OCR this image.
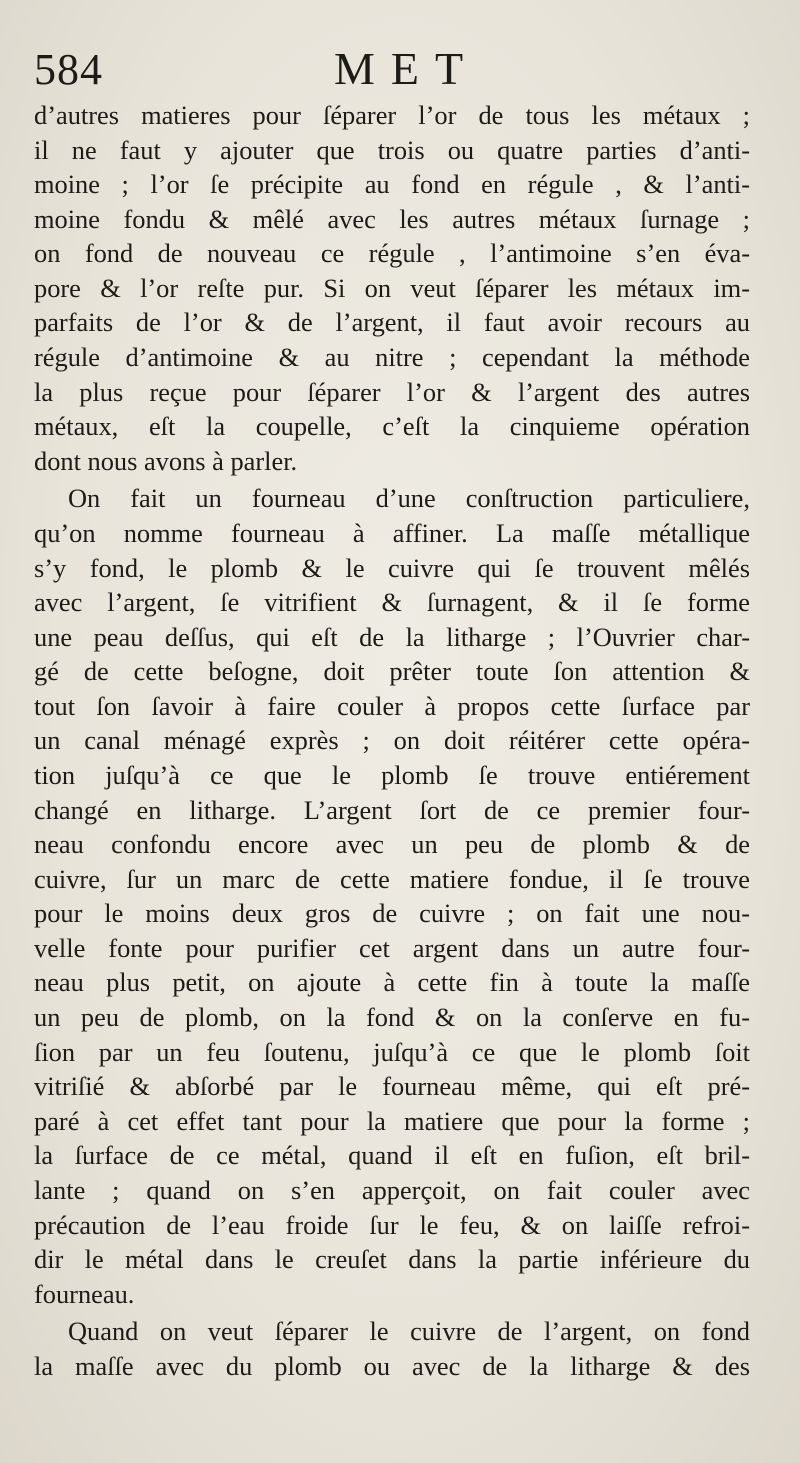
584	MET
d’autres matieres pour ſéparer l’or de tous les métaux ;
il ne faut y ajouter que trois ou quatre parties d’anti-
moine ; l’or ſe précipite au fond en régule , & l’anti-
moine fondu & mêlé avec les autres métaux ſurnage ;
on fond de nouveau ce régule , l’antimoine s’en éva-
pore & l’or reſte pur. Si on veut ſéparer les métaux im-
parfaits de l’or & de l’argent, il faut avoir recours au
régule d’antimoine & au nitre ; cependant la méthode
la plus reçue pour ſéparer l’or & l’argent des autres
métaux, eſt la coupelle, c’eſt la cinquieme opération
dont nous avons à parler.
On fait un fourneau d’une conſtruction particuliere,
qu’on nomme fourneau à affiner. La maſſe métallique
s’y fond, le plomb & le cuivre qui ſe trouvent mêlés
avec l’argent, ſe vitrifient & ſurnagent, & il ſe forme
une peau deſſus, qui eſt de la litharge ; l’Ouvrier char-
gé de cette beſogne, doit prêter toute ſon attention &
tout ſon ſavoir à faire couler à propos cette ſurface par
un canal ménagé exprès ; on doit réitérer cette opéra-
tion juſqu’à ce que le plomb ſe trouve entiérement
changé en litharge. L’argent ſort de ce premier four-
neau confondu encore avec un peu de plomb & de
cuivre, ſur un marc de cette matiere fondue, il ſe trouve
pour le moins deux gros de cuivre ; on fait une nou-
velle fonte pour purifier cet argent dans un autre four-
neau plus petit, on ajoute à cette fin à toute la maſſe
un peu de plomb, on la fond & on la conſerve en fu-
ſion par un feu ſoutenu, juſqu’à ce que le plomb ſoit
vitriſié & abſorbé par le fourneau même, qui eſt pré-
paré à cet effet tant pour la matiere que pour la forme ;
la ſurface de ce métal, quand il eſt en fuſion, eſt bril-
lante ; quand on s’en apperçoit, on fait couler avec
précaution de l’eau froide ſur le feu, & on laiſſe refroi-
dir le métal dans le creuſet dans la partie inférieure du
fourneau.
Quand on veut ſéparer le cuivre de l’argent, on fond
la maſſe avec du plomb ou avec de la litharge & des
